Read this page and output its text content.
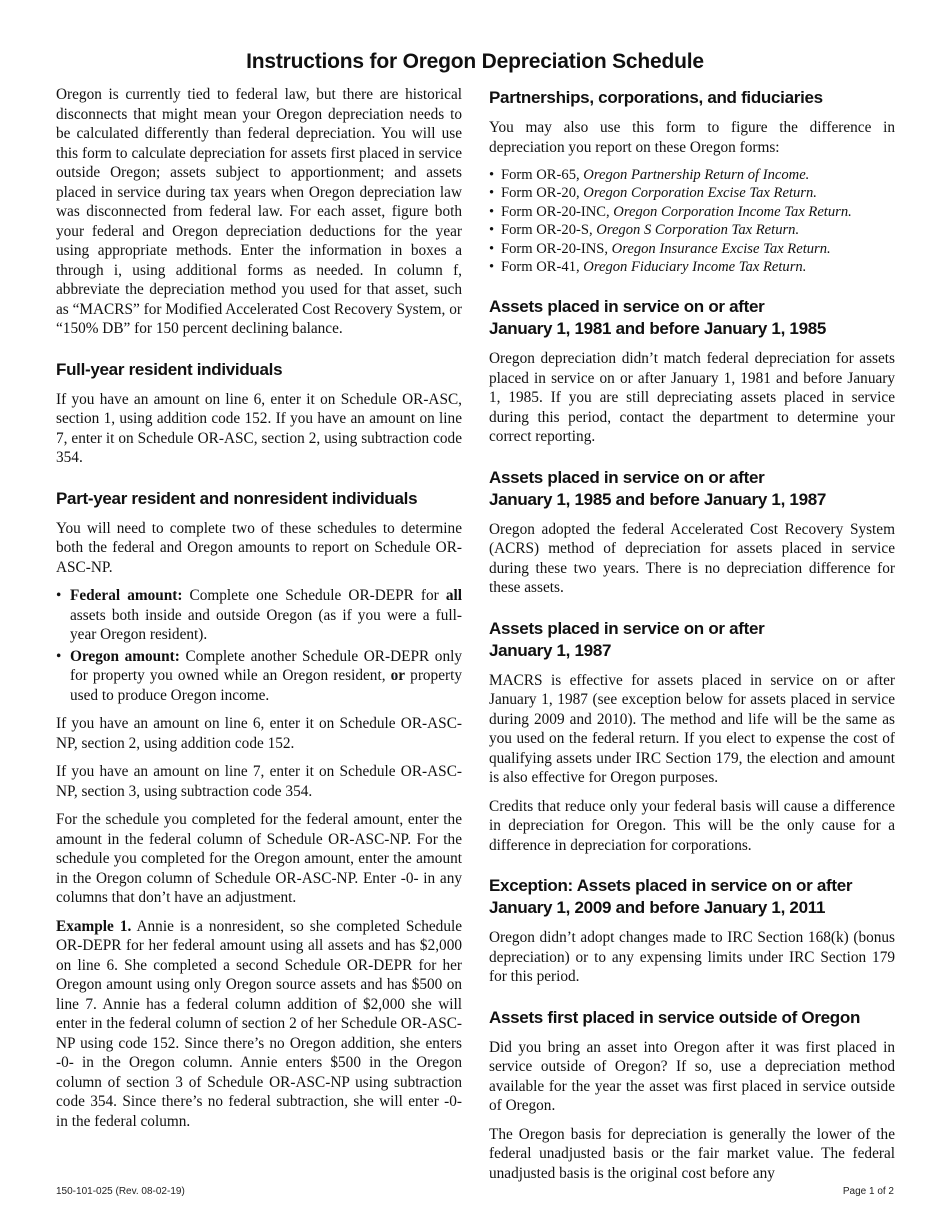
Instructions for Oregon Depreciation Schedule

Oregon is currently tied to federal law, but there are historical disconnects that might mean your Oregon depreciation needs to be calculated differently than federal depreciation. You will use this form to calculate depreciation for assets first placed in service outside Oregon; assets subject to apportionment; and assets placed in service during tax years when Oregon depreciation law was disconnected from federal law. For each asset, figure both your federal and Oregon depreciation deductions for the year using appropriate methods. Enter the information in boxes a through i, using additional forms as needed. In column f, abbreviate the depreciation method you used for that asset, such as “MACRS” for Modified Accelerated Cost Recovery System, or “150% DB” for 150 percent declining balance.

Full-year resident individuals

If you have an amount on line 6, enter it on Schedule OR-ASC, section 1, using addition code 152. If you have an amount on line 7, enter it on Schedule OR-ASC, section 2, using subtraction code 354.

Part-year resident and nonresident individuals

You will need to complete two of these schedules to determine both the federal and Oregon amounts to report on Schedule OR-ASC-NP.

• Federal amount: Complete one Schedule OR-DEPR for all assets both inside and outside Oregon (as if you were a full-year Oregon resident).
• Oregon amount: Complete another Schedule OR-DEPR only for property you owned while an Oregon resident, or property used to produce Oregon income.

If you have an amount on line 6, enter it on Schedule OR-ASC-NP, section 2, using addition code 152.

If you have an amount on line 7, enter it on Schedule OR-ASC-NP, section 3, using subtraction code 354.

For the schedule you completed for the federal amount, enter the amount in the federal column of Schedule OR-ASC-NP. For the schedule you completed for the Oregon amount, enter the amount in the Oregon column of Schedule OR-ASC-NP. Enter -0- in any columns that don’t have an adjustment.

Example 1. Annie is a nonresident, so she completed Schedule OR-DEPR for her federal amount using all assets and has $2,000 on line 6. She completed a second Schedule OR-DEPR for her Oregon amount using only Oregon source assets and has $500 on line 7. Annie has a federal column addition of $2,000 she will enter in the federal column of section 2 of her Schedule OR-ASC-NP using code 152. Since there’s no Oregon addition, she enters -0- in the Oregon column. Annie enters $500 in the Oregon column of section 3 of Schedule OR-ASC-NP using subtraction code 354. Since there’s no federal subtraction, she will enter -0- in the federal column.

Partnerships, corporations, and fiduciaries

You may also use this form to figure the difference in depreciation you report on these Oregon forms:

• Form OR-65, Oregon Partnership Return of Income.
• Form OR-20, Oregon Corporation Excise Tax Return.
• Form OR-20-INC, Oregon Corporation Income Tax Return.
• Form OR-20-S, Oregon S Corporation Tax Return.
• Form OR-20-INS, Oregon Insurance Excise Tax Return.
• Form OR-41, Oregon Fiduciary Income Tax Return.
Assets placed in service on or after
January 1, 1981 and before January 1, 1985

Oregon depreciation didn’t match federal depreciation for assets placed in service on or after January 1, 1981 and before January 1, 1985. If you are still depreciating assets placed in service during this period, contact the department to determine your correct reporting.

Assets placed in service on or after
January 1, 1985 and before January 1, 1987

Oregon adopted the federal Accelerated Cost Recovery System (ACRS) method of depreciation for assets placed in service during these two years. There is no depreciation difference for these assets.

Assets placed in service on or after
January 1, 1987

MACRS is effective for assets placed in service on or after January 1, 1987 (see exception below for assets placed in service during 2009 and 2010). The method and life will be the same as you used on the federal return. If you elect to expense the cost of qualifying assets under IRC Section 179, the election and amount is also effective for Oregon purposes.

Credits that reduce only your federal basis will cause a difference in depreciation for Oregon. This will be the only cause for a difference in depreciation for corporations.

Exception: Assets placed in service on or after
January 1, 2009 and before January 1, 2011

Oregon didn’t adopt changes made to IRC Section 168(k) (bonus depreciation) or to any expensing limits under IRC Section 179 for this period.

Assets first placed in service outside of Oregon

Did you bring an asset into Oregon after it was first placed in service outside of Oregon? If so, use a depreciation method available for the year the asset was first placed in service outside of Oregon.

The Oregon basis for depreciation is generally the lower of the federal unadjusted basis or the fair market value. The federal unadjusted basis is the original cost before any

150-101-025 (Rev. 08-02-19)	Page 1 of 2
